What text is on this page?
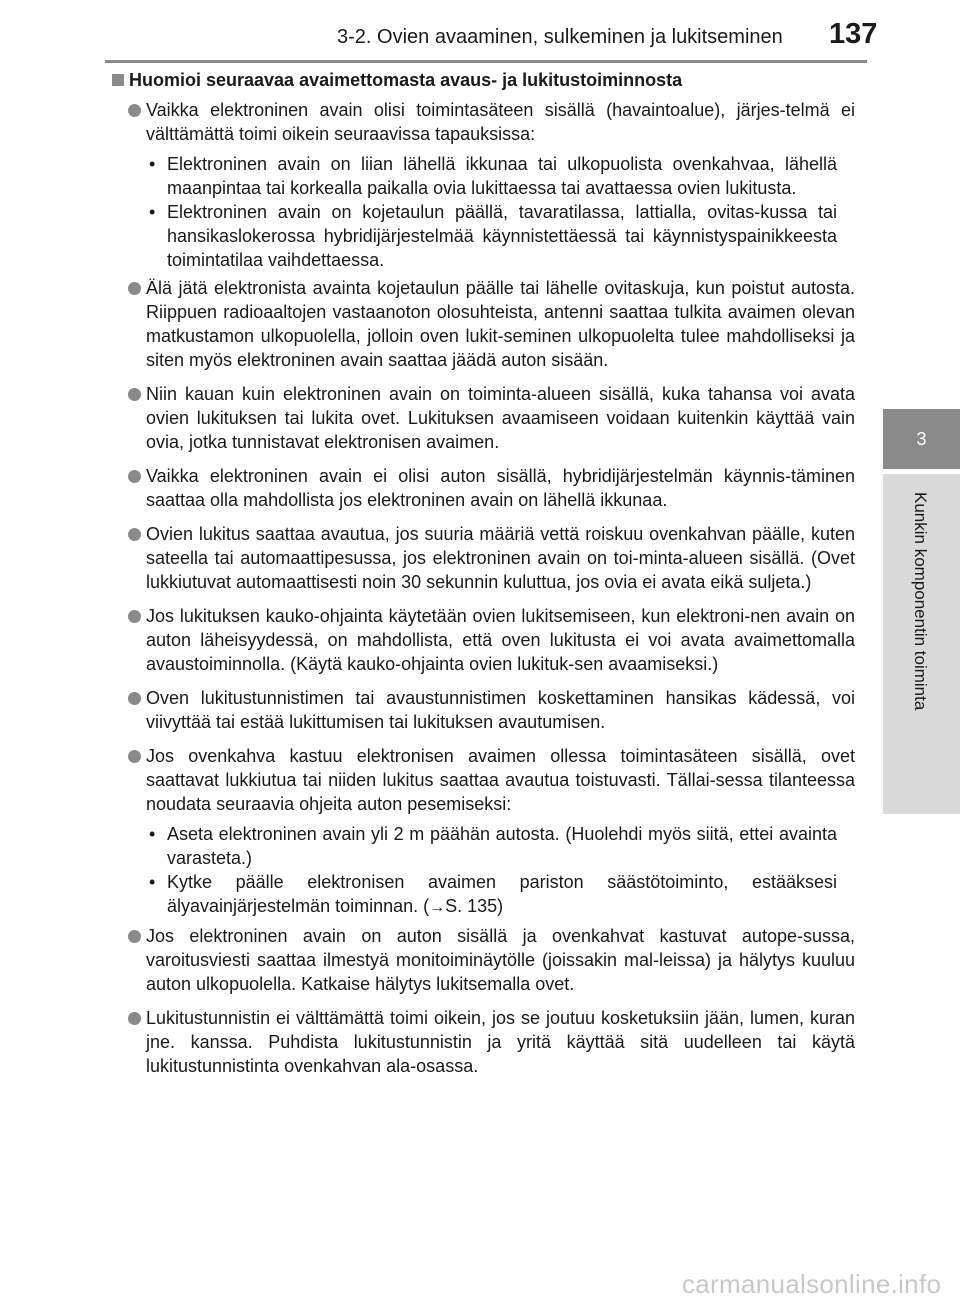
3-2. Ovien avaaminen, sulkeminen ja lukitseminen 137
3
Kunkin komponentin toiminta
Huomioi seuraavaa avaimettomasta avaus- ja lukitustoiminnosta
Vaikka elektroninen avain olisi toimintasäteen sisällä (havaintoalue), järjes-telmä ei välttämättä toimi oikein seuraavissa tapauksissa:
• Elektroninen avain on liian lähellä ikkunaa tai ulkopuolista ovenkahvaa, lähellä maanpintaa tai korkealla paikalla ovia lukittaessa tai avattaessa ovien lukitusta.
• Elektroninen avain on kojetaulun päällä, tavaratilassa, lattialla, ovitas-kussa tai hansikaslokerossa hybridijärjestelmää käynnistettäessä tai käynnistyspainikkeesta toimintatilaa vaihdettaessa.
Älä jätä elektronista avainta kojetaulun päälle tai lähelle ovitaskuja, kun poistut autosta. Riippuen radioaaltojen vastaanoton olosuhteista, antenni saattaa tulkita avaimen olevan matkustamon ulkopuolella, jolloin oven lukit-seminen ulkopuolelta tulee mahdolliseksi ja siten myös elektroninen avain saattaa jäädä auton sisään.
Niin kauan kuin elektroninen avain on toiminta-alueen sisällä, kuka tahansa voi avata ovien lukituksen tai lukita ovet. Lukituksen avaamiseen voidaan kuitenkin käyttää vain ovia, jotka tunnistavat elektronisen avaimen.
Vaikka elektroninen avain ei olisi auton sisällä, hybridijärjestelmän käynnis-täminen saattaa olla mahdollista jos elektroninen avain on lähellä ikkunaa.
Ovien lukitus saattaa avautua, jos suuria määriä vettä roiskuu ovenkahvan päälle, kuten sateella tai automaattipesussa, jos elektroninen avain on toi-minta-alueen sisällä. (Ovet lukkiutuvat automaattisesti noin 30 sekunnin kuluttua, jos ovia ei avata eikä suljeta.)
Jos lukituksen kauko-ohjainta käytetään ovien lukitsemiseen, kun elektroni-nen avain on auton läheisyydessä, on mahdollista, että oven lukitusta ei voi avata avaimettomalla avaustoiminnolla. (Käytä kauko-ohjainta ovien lukituk-sen avaamiseksi.)
Oven lukitustunnistimen tai avaustunnistimen koskettaminen hansikas kädessä, voi viivyttää tai estää lukittumisen tai lukituksen avautumisen.
Jos ovenkahva kastuu elektronisen avaimen ollessa toimintasäteen sisällä, ovet saattavat lukkiutua tai niiden lukitus saattaa avautua toistuvasti. Tällai-sessa tilanteessa noudata seuraavia ohjeita auton pesemiseksi:
• Aseta elektroninen avain yli 2 m päähän autosta. (Huolehdi myös siitä, ettei avainta varasteta.)
• Kytke päälle elektronisen avaimen pariston säästötoiminto, estääksesi älyavainjärjestelmän toiminnan. (→S. 135)
Jos elektroninen avain on auton sisällä ja ovenkahvat kastuvat autope-sussa, varoitusviesti saattaa ilmestyä monitoiminäytölle (joissakin mal-leissa) ja hälytys kuuluu auton ulkopuolella. Katkaise hälytys lukitsemalla ovet.
Lukitustunnistin ei välttämättä toimi oikein, jos se joutuu kosketuksiin jään, lumen, kuran jne. kanssa. Puhdista lukitustunnistin ja yritä käyttää sitä uudelleen tai käytä lukitustunnistinta ovenkahvan ala-osassa.
carmanualsonline.info
